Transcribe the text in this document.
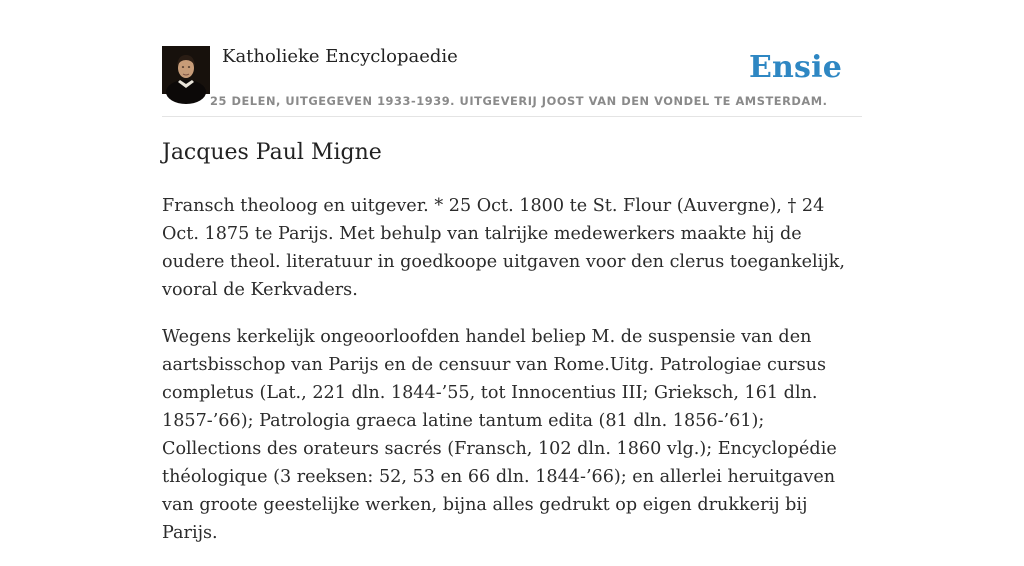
Katholieke Encyclopaedie	Ensie
25 DELEN, UITGEGEVEN 1933-1939. UITGEVERIJ JOOST VAN DEN VONDEL TE AMSTERDAM.
Jacques Paul Migne

Fransch theoloog en uitgever. * 25 Oct. 1800 te St. Flour (Auvergne), † 24 Oct. 1875 te Parijs. Met behulp van talrijke medewerkers maakte hij de oudere theol. literatuur in goedkoope uitgaven voor den clerus toegankelijk, vooral de Kerkvaders.

Wegens kerkelijk ongeoorloofden handel beliep M. de suspensie van den aartsbisschop van Parijs en de censuur van Rome.Uitg. Patrologiae cursus completus (Lat., 221 dln. 1844-’55, tot Innocentius III; Grieksch, 161 dln. 1857-’66); Patrologia graeca latine tantum edita (81 dln. 1856-’61); Collections des orateurs sacrés (Fransch, 102 dln. 1860 vlg.); Encyclopédie théologique (3 reeksen: 52, 53 en 66 dln. 1844-’66); en allerlei heruitgaven van groote geestelijke werken, bijna alles gedrukt op eigen drukkerij bij Parijs.
